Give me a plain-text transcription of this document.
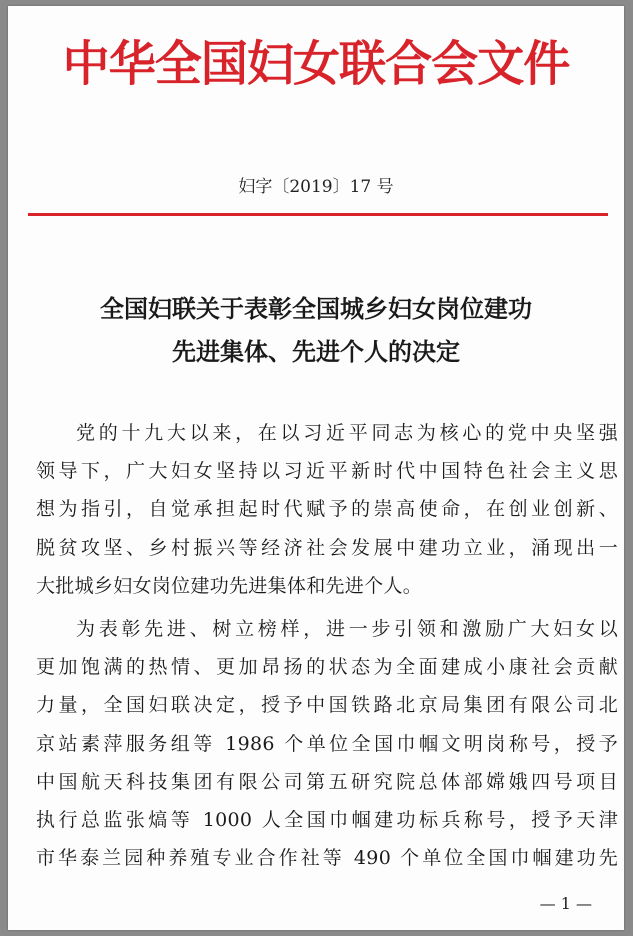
中华全国妇女联合会文件
妇字〔2019〕17 号
全国妇联关于表彰全国城乡妇女岗位建功
先进集体、先进个人的决定
党的十九大以来，在以习近平同志为核心的党中央坚强
领导下，广大妇女坚持以习近平新时代中国特色社会主义思
想为指引，自觉承担起时代赋予的崇高使命，在创业创新、
脱贫攻坚、乡村振兴等经济社会发展中建功立业，涌现出一
大批城乡妇女岗位建功先进集体和先进个人。
为表彰先进、树立榜样，进一步引领和激励广大妇女以
更加饱满的热情、更加昂扬的状态为全面建成小康社会贡献
力量，全国妇联决定，授予中国铁路北京局集团有限公司北
京站素萍服务组等 1986 个单位全国巾帼文明岗称号，授予
中国航天科技集团有限公司第五研究院总体部嫦娥四号项目
执行总监张熇等 1000 人全国巾帼建功标兵称号，授予天津
市华泰兰园种养殖专业合作社等 490 个单位全国巾帼建功先
— 1 —
